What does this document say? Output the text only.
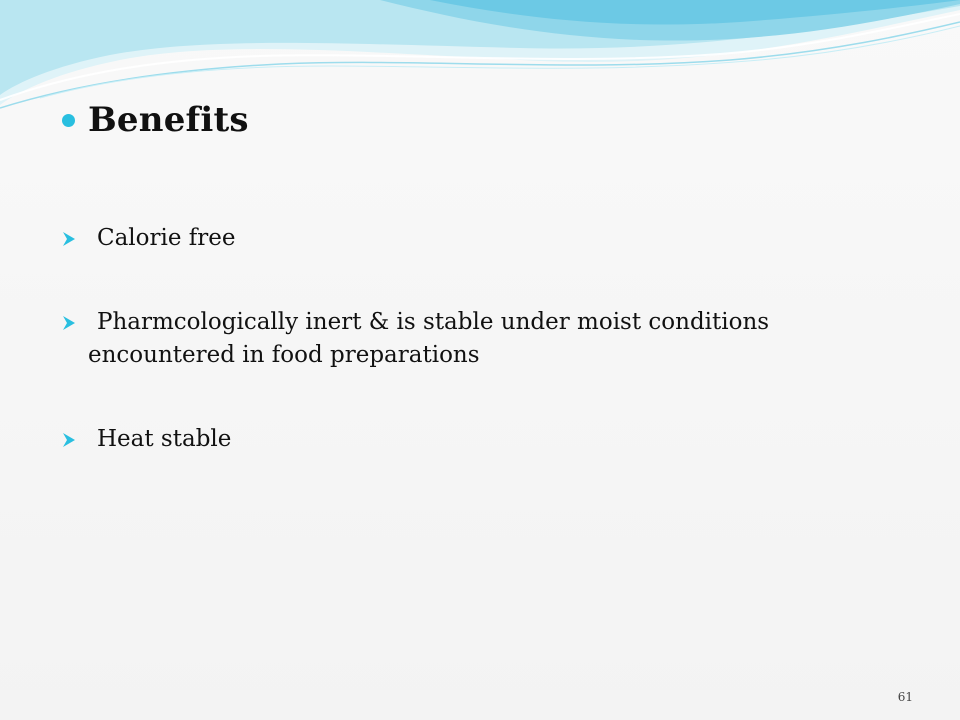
Benefits
Calorie free
Pharmcologically inert & is stable under moist conditions encountered in food preparations
Heat stable
61
